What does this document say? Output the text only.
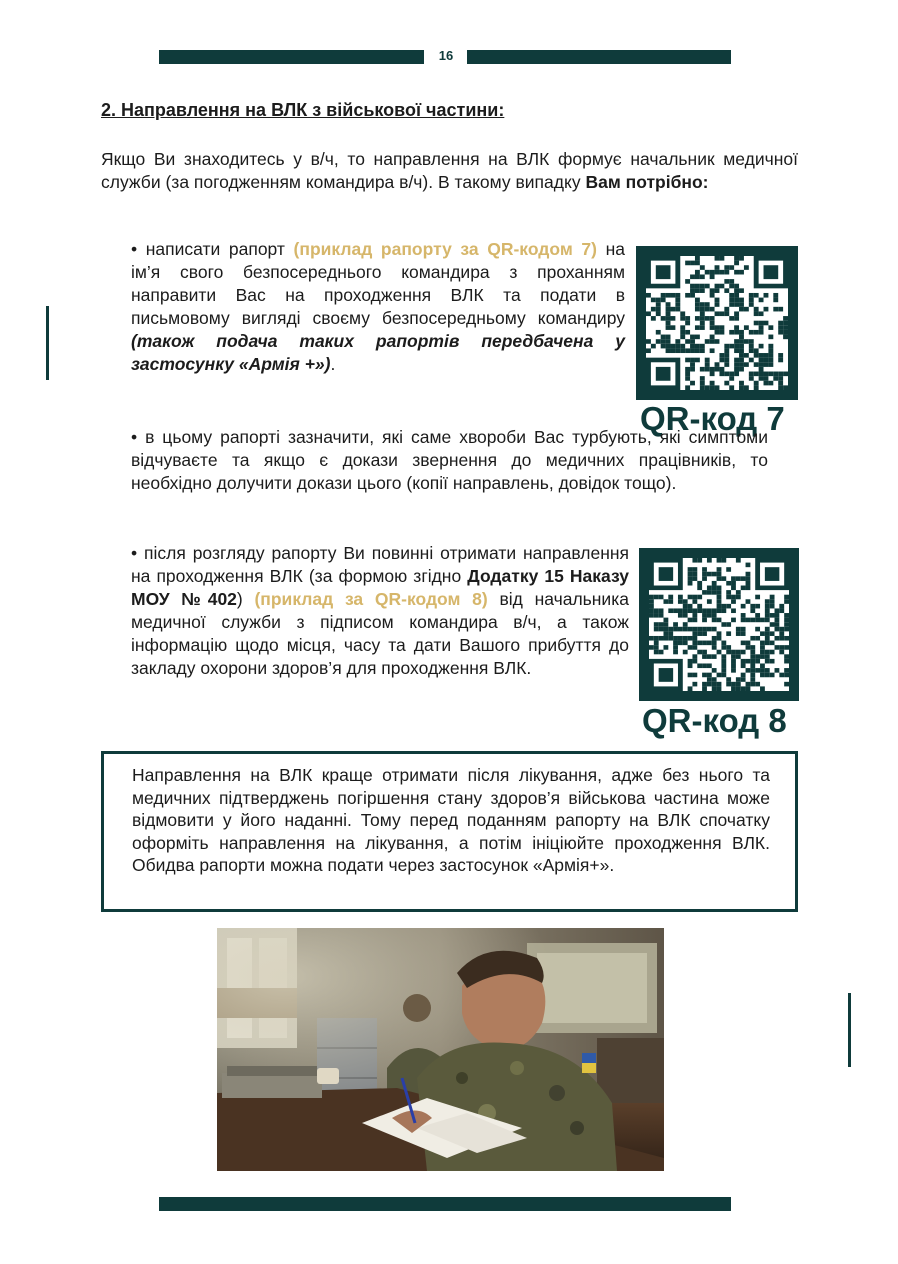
16
2. Направлення на ВЛК з військової частини:
Якщо Ви знаходитесь у в/ч, то направлення на ВЛК формує начальник медичної служби (за погодженням командира в/ч). В такому випадку Вам потрібно:
• написати рапорт (приклад рапорту за QR-кодом 7) на ім’я свого безпосереднього командира з проханням направити Вас на проходження ВЛК та подати в письмовому вигляді своєму безпосередньому командиру (також подача таких рапортів передбачена у застосунку «Армія +»).
QR-код 7
• в цьому рапорті зазначити, які саме хвороби Вас турбують, які симптоми відчуваєте та якщо є докази звернення до медичних працівників, то необхідно долучити докази цього (копії направлень, довідок тощо).
• після розгляду рапорту Ви повинні отримати направлення на проходження ВЛК (за формою згідно Додатку 15 Наказу МОУ №402) (приклад за QR-кодом 8) від начальника медичної служби з підписом командира в/ч, а також інформацію щодо місця, часу та дати Вашого прибуття до закладу охорони здоров’я для проходження ВЛК.
QR-код 8
Направлення на ВЛК краще отримати після лікування, адже без нього та медичних підтверджень погіршення стану здоров’я військова частина може відмовити у його наданні. Тому перед поданням рапорту на ВЛК спочатку оформіть направлення на лікування, а потім ініціюйте проходження ВЛК. Обидва рапорти можна подати через застосунок «Армія+».
